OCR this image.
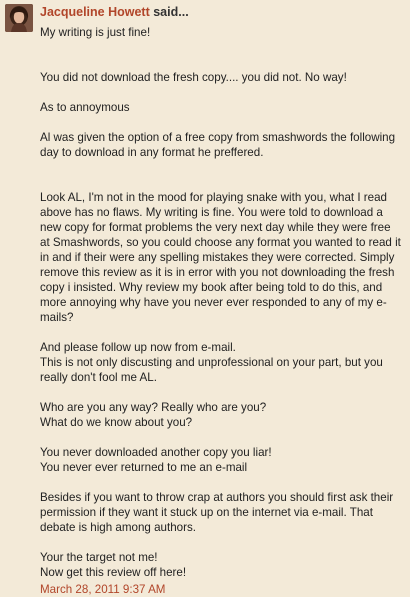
Jacqueline Howett said...

My writing is just fine!

You did not download the fresh copy.... you did not. No way!

As to annoymous

Al was given the option of a free copy from smashwords the following day to download in any format he preffered.

Look AL, I'm not in the mood for playing snake with you, what I read above has no flaws. My writing is fine. You were told to download a new copy for format problems the very next day while they were free at Smashwords, so you could choose any format you wanted to read it in and if their were any spelling mistakes they were corrected. Simply remove this review as it is in error with you not downloading the fresh copy i insisted. Why review my book after being told to do this, and more annoying why have you never ever responded to any of my e-mails?

And please follow up now from e-mail.
This is not only discusting and unprofessional on your part, but you really don't fool me AL.

Who are you any way? Really who are you?
What do we know about you?

You never downloaded another copy you liar!
You never ever returned to me an e-mail

Besides if you want to throw crap at authors you should first ask their permission if they want it stuck up on the internet via e-mail. That debate is high among authors.

Your the target not me!
Now get this review off here!

March 28, 2011 9:37 AM
